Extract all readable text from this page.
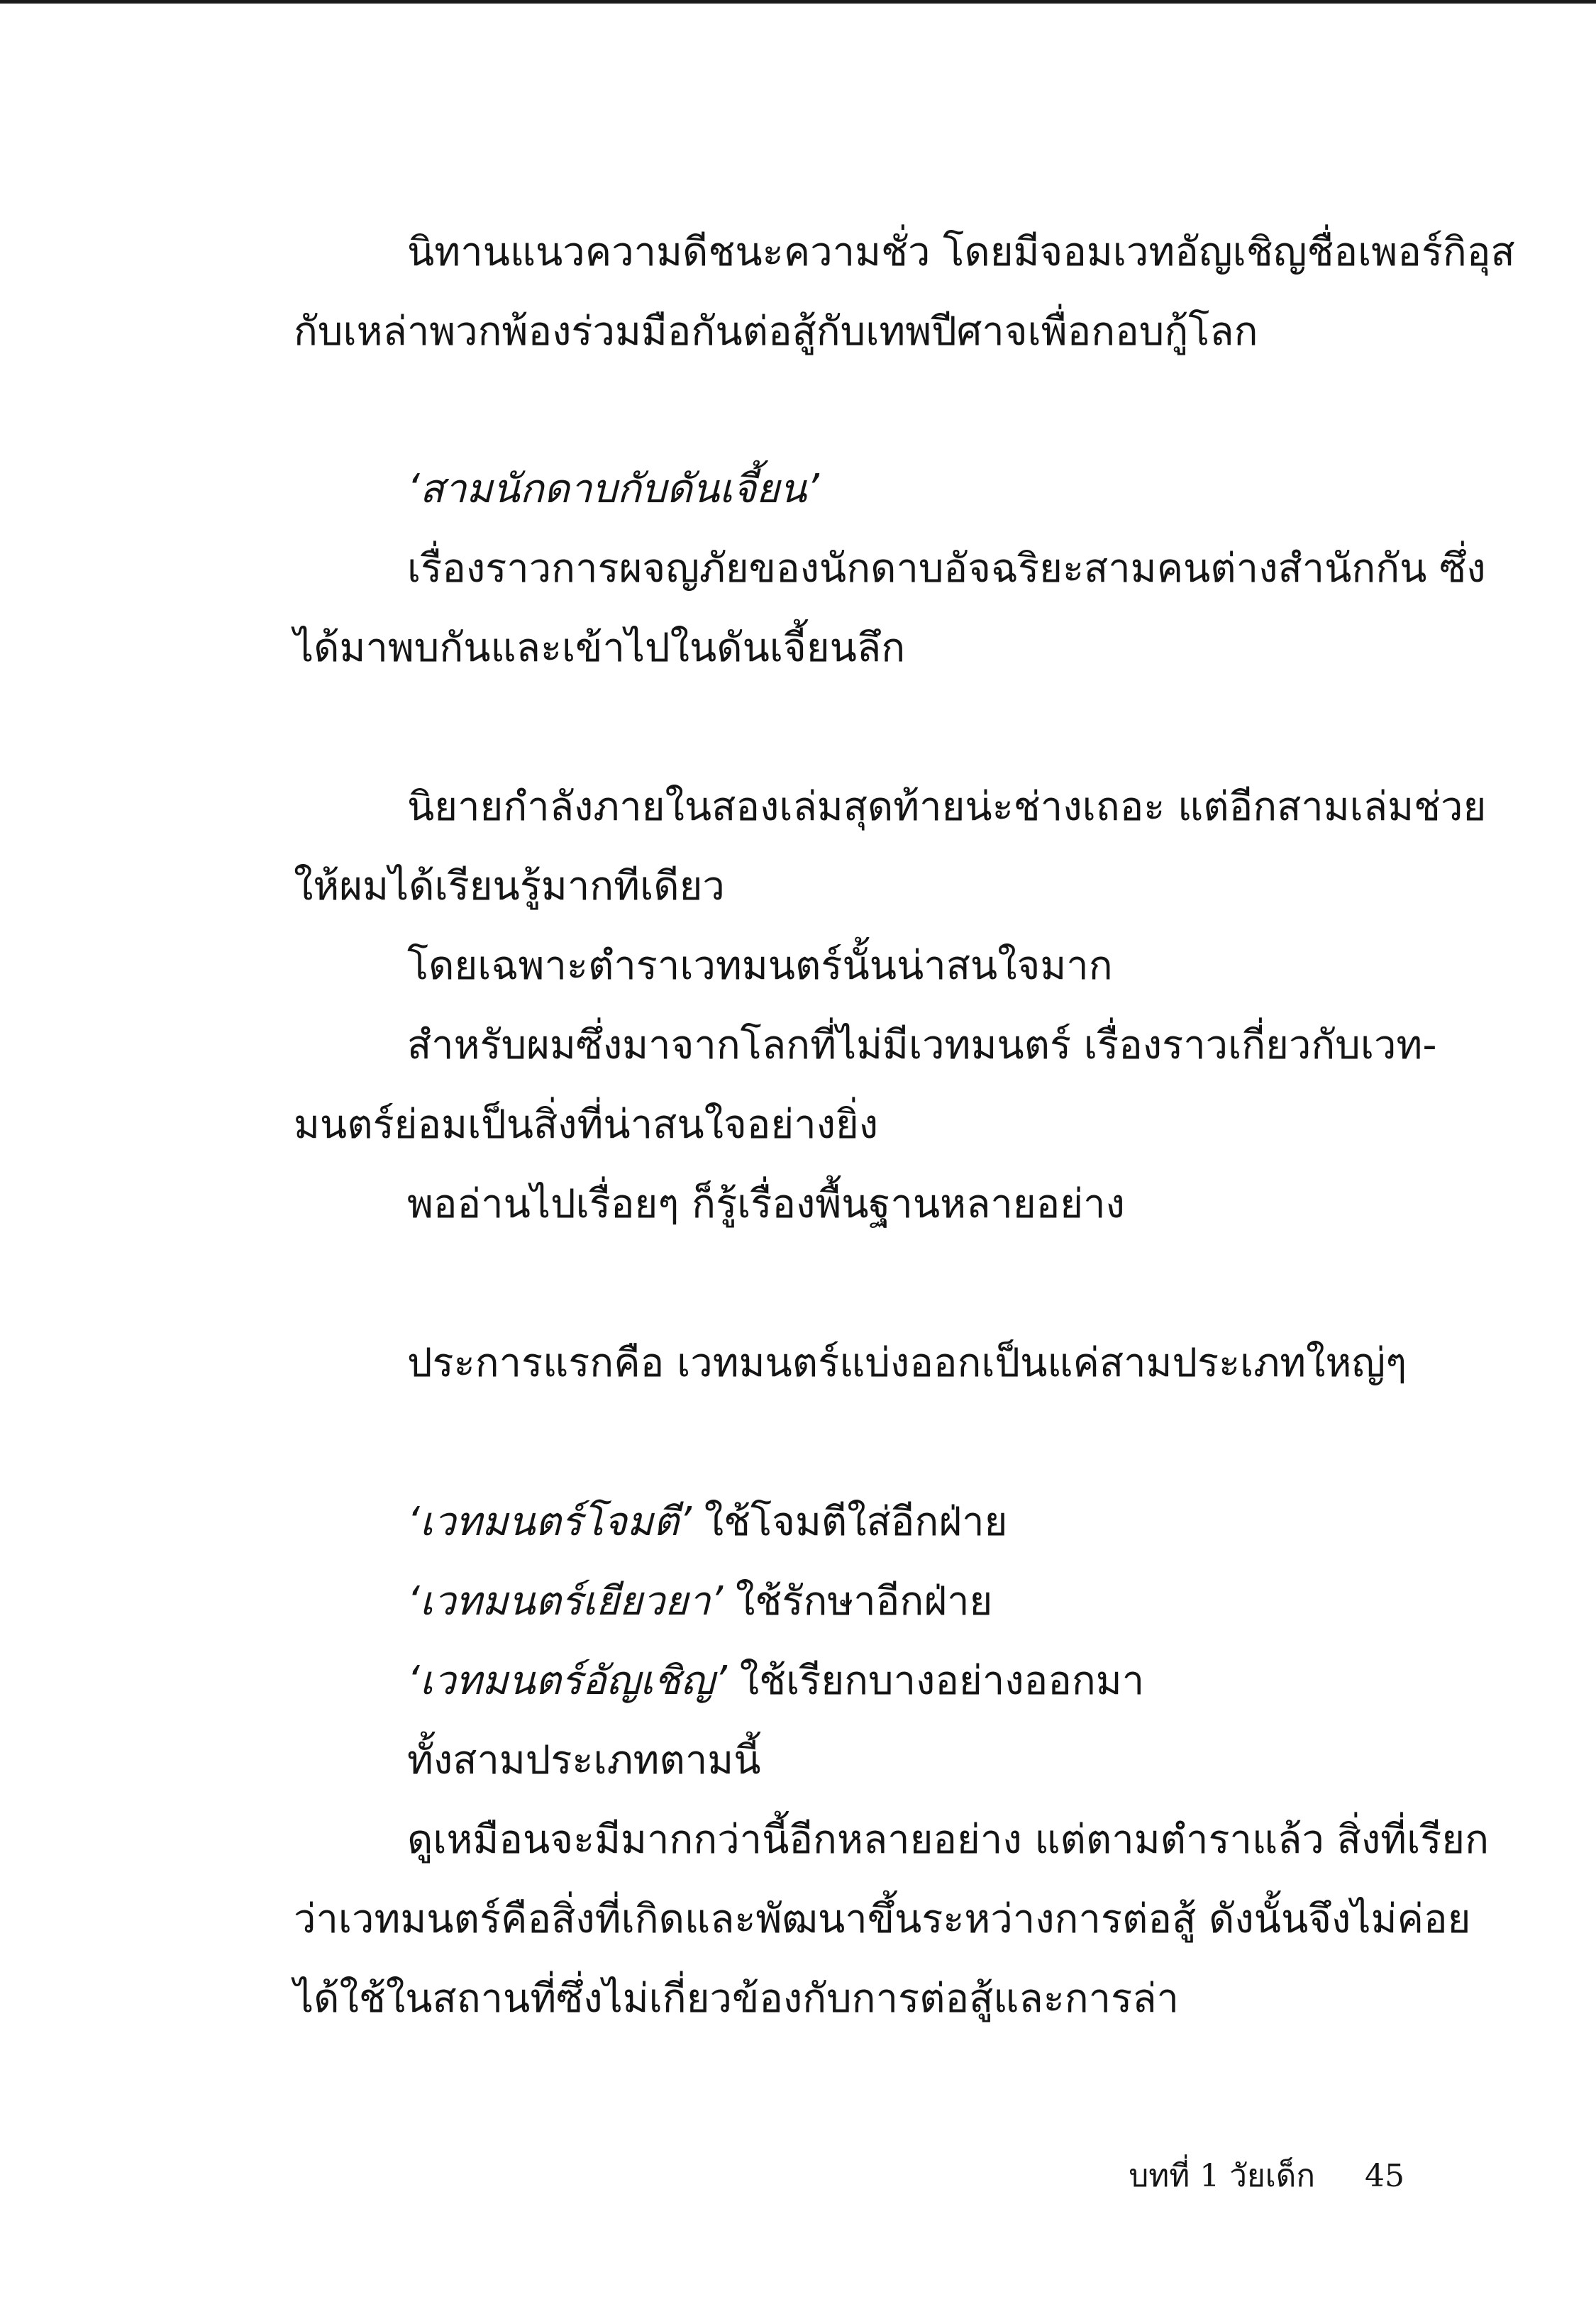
นิทานแนวความดีชนะความชั่ว โดยมีจอมเวทอัญเชิญชื่อเพอร์กิอุส

กับเหล่าพวกพ้องร่วมมือกันต่อสู้กับเทพปีศาจเพื่อกอบกู้โลก

‘สามนักดาบกับดันเจี้ยน’

เรื่องราวการผจญภัยของนักดาบอัจฉริยะสามคนต่างสำนักกัน ซึ่ง

ได้มาพบกันและเข้าไปในดันเจี้ยนลึก

นิยายกำลังภายในสองเล่มสุดท้ายน่ะช่างเถอะ แต่อีกสามเล่มช่วย

ให้ผมได้เรียนรู้มากทีเดียว

โดยเฉพาะตำราเวทมนตร์นั้นน่าสนใจมาก

สำหรับผมซึ่งมาจากโลกที่ไม่มีเวทมนตร์ เรื่องราวเกี่ยวกับเวท-

มนตร์ย่อมเป็นสิ่งที่น่าสนใจอย่างยิ่ง

พออ่านไปเรื่อยๆ ก็รู้เรื่องพื้นฐานหลายอย่าง

ประการแรกคือ เวทมนตร์แบ่งออกเป็นแค่สามประเภทใหญ่ๆ

‘เวทมนตร์โจมตี’ ใช้โจมตีใส่อีกฝ่าย

‘เวทมนตร์เยียวยา’ ใช้รักษาอีกฝ่าย

‘เวทมนตร์อัญเชิญ’ ใช้เรียกบางอย่างออกมา

ทั้งสามประเภทตามนี้

ดูเหมือนจะมีมากกว่านี้อีกหลายอย่าง แต่ตามตำราแล้ว สิ่งที่เรียก

ว่าเวทมนตร์คือสิ่งที่เกิดและพัฒนาขึ้นระหว่างการต่อสู้ ดังนั้นจึงไม่ค่อย

ได้ใช้ในสถานที่ซึ่งไม่เกี่ยวข้องกับการต่อสู้และการล่า

บทที่ 1 วัยเด็ก 45
